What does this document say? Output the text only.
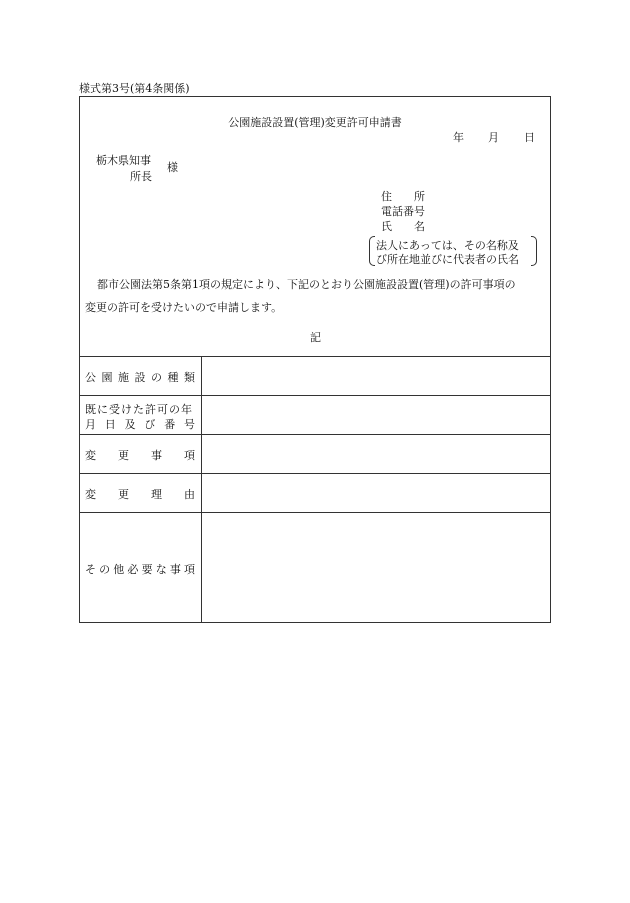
様式第3号(第4条関係)
公園施設設置(管理)変更許可申請書
年 月 日
栃木県知事
所長
様
住　　所
電話番号
氏　　名
法人にあっては、その名称及
び所在地並びに代表者の氏名
都市公園法第5条第1項の規定により、下記のとおり公園施設設置(管理)の許可事項の
変更の許可を受けたいので申請します。
記
公 園 施 設 の 種 類
既に受けた許可の年
月 日 及 び 番 号
変 更 事 項
変 更 理 由
そ の 他 必 要 な 事 項
